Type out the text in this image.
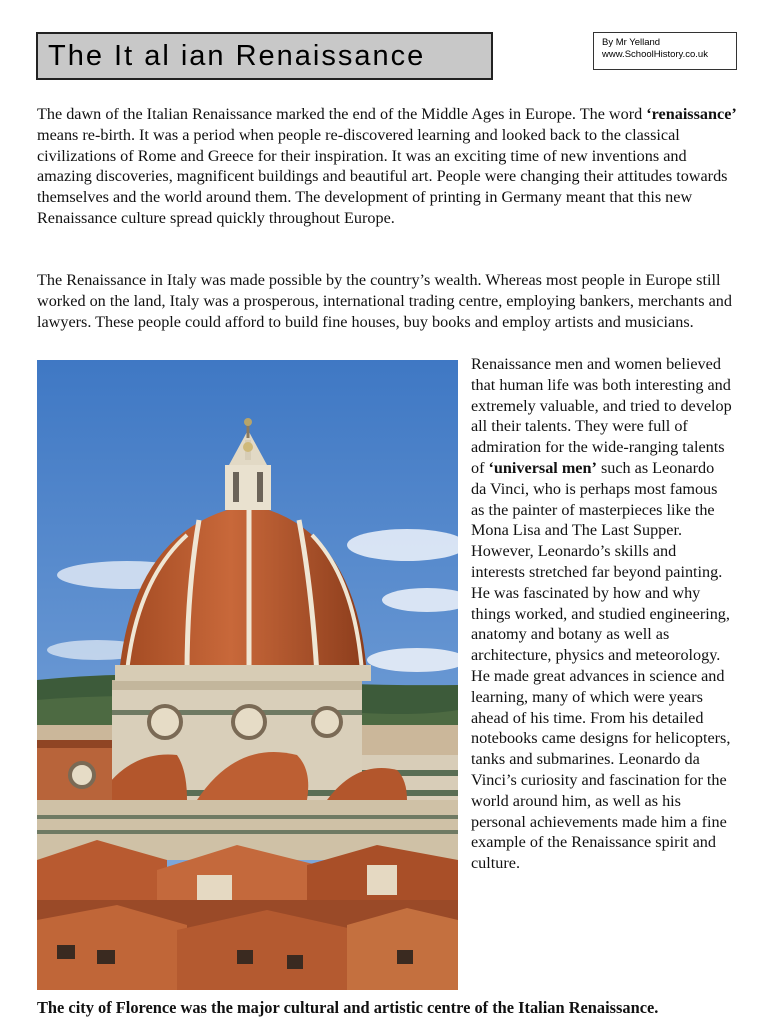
The It al ian Renaissance	By Mr Yelland
www.SchoolHistory.co.uk

The dawn of the Italian Renaissance marked the end of the Middle Ages in Europe. The word ‘renaissance’ means re-birth. It was a period when people re-discovered learning and looked back to the classical civilizations of Rome and Greece for their inspiration. It was an exciting time of new inventions and amazing discoveries, magnificent buildings and beautiful art. People were changing their attitudes towards themselves and the world around them. The development of printing in Germany meant that this new Renaissance culture spread quickly throughout Europe.

The Renaissance in Italy was made possible by the country’s wealth. Whereas most people in Europe still worked on the land, Italy was a prosperous, international trading centre, employing bankers, merchants and lawyers. These people could afford to build fine houses, buy books and employ artists and musicians.

Renaissance men and women believed that human life was both interesting and extremely valuable, and tried to develop all their talents. They were full of admiration for the wide-ranging talents of ‘universal men’ such as Leonardo da Vinci, who is perhaps most famous as the painter of masterpieces like the Mona Lisa and The Last Supper. However, Leonardo’s skills and interests stretched far beyond painting. He was fascinated by how and why things worked, and studied engineering, anatomy and botany as well as architecture, physics and meteorology. He made great advances in science and learning, many of which were years ahead of his time. From his detailed notebooks came designs for helicopters, tanks and submarines. Leonardo da Vinci’s curiosity and fascination for the world around him, as well as his personal achievements made him a fine example of the Renaissance spirit and culture.

The city of Florence was the major cultural and artistic centre of the Italian Renaissance.
